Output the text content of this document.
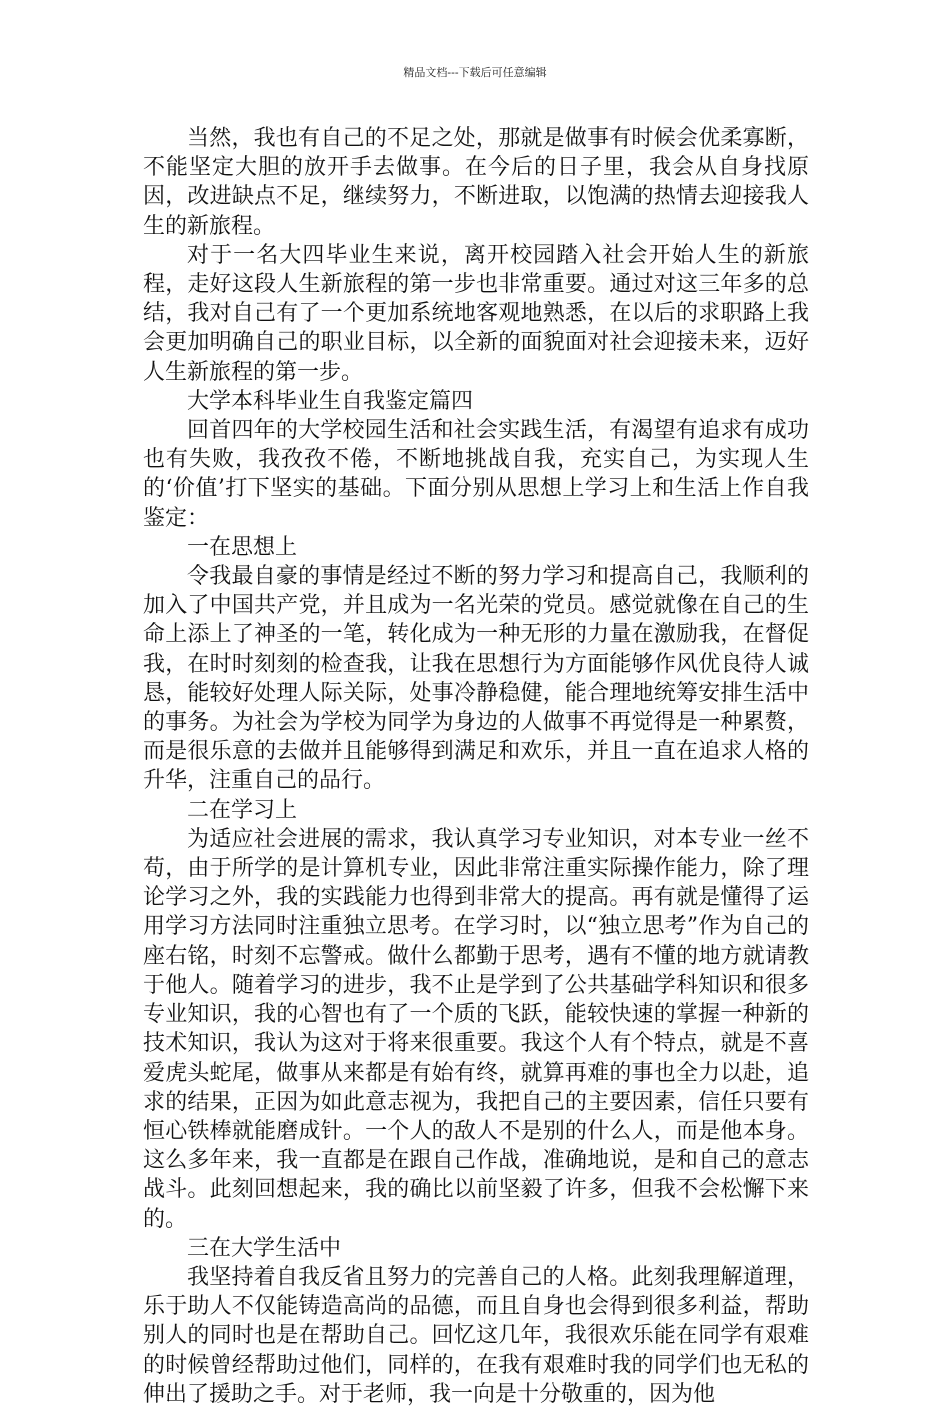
精品文档---下载后可任意编辑

当然，我也有自己的不足之处，那就是做事有时候会优柔寡断，不能坚定大胆的放开手去做事。在今后的日子里，我会从自身找原因，改进缺点不足，继续努力，不断进取，以饱满的热情去迎接我人生的新旅程。

对于一名大四毕业生来说，离开校园踏入社会开始人生的新旅程，走好这段人生新旅程的第一步也非常重要。通过对这三年多的总结，我对自己有了一个更加系统地客观地熟悉，在以后的求职路上我会更加明确自己的职业目标，以全新的面貌面对社会迎接未来，迈好人生新旅程的第一步。

大学本科毕业生自我鉴定篇四

回首四年的大学校园生活和社会实践生活，有渴望有追求有成功也有失败，我孜孜不倦，不断地挑战自我，充实自己，为实现人生的‘价值’打下坚实的基础。下面分别从思想上学习上和生活上作自我鉴定：

一在思想上

令我最自豪的事情是经过不断的努力学习和提高自己，我顺利的加入了中国共产党，并且成为一名光荣的党员。感觉就像在自己的生命上添上了神圣的一笔，转化成为一种无形的力量在激励我，在督促我，在时时刻刻的检查我，让我在思想行为方面能够作风优良待人诚恳，能较好处理人际关际，处事冷静稳健，能合理地统筹安排生活中的事务。为社会为学校为同学为身边的人做事不再觉得是一种累赘，而是很乐意的去做并且能够得到满足和欢乐，并且一直在追求人格的升华，注重自己的品行。

二在学习上

为适应社会进展的需求，我认真学习专业知识，对本专业一丝不苟，由于所学的是计算机专业，因此非常注重实际操作能力，除了理论学习之外，我的实践能力也得到非常大的提高。再有就是懂得了运用学习方法同时注重独立思考。在学习时，以“独立思考”作为自己的座右铭，时刻不忘警戒。做什么都勤于思考，遇有不懂的地方就请教于他人。随着学习的进步，我不止是学到了公共基础学科知识和很多专业知识，我的心智也有了一个质的飞跃，能较快速的掌握一种新的技术知识，我认为这对于将来很重要。我这个人有个特点，就是不喜爱虎头蛇尾，做事从来都是有始有终，就算再难的事也全力以赴，追求的结果，正因为如此意志视为，我把自己的主要因素，信任只要有恒心铁棒就能磨成针。一个人的敌人不是别的什么人，而是他本身。这么多年来，我一直都是在跟自己作战，准确地说，是和自己的意志战斗。此刻回想起来，我的确比以前坚毅了许多，但我不会松懈下来的。

三在大学生活中

我坚持着自我反省且努力的完善自己的人格。此刻我理解道理，乐于助人不仅能铸造高尚的品德，而且自身也会得到很多利益，帮助别人的同时也是在帮助自己。回忆这几年，我很欢乐能在同学有艰难的时候曾经帮助过他们，同样的，在我有艰难时我的同学们也无私的伸出了援助之手。对于老师，我一向是十分敬重的，因为他
